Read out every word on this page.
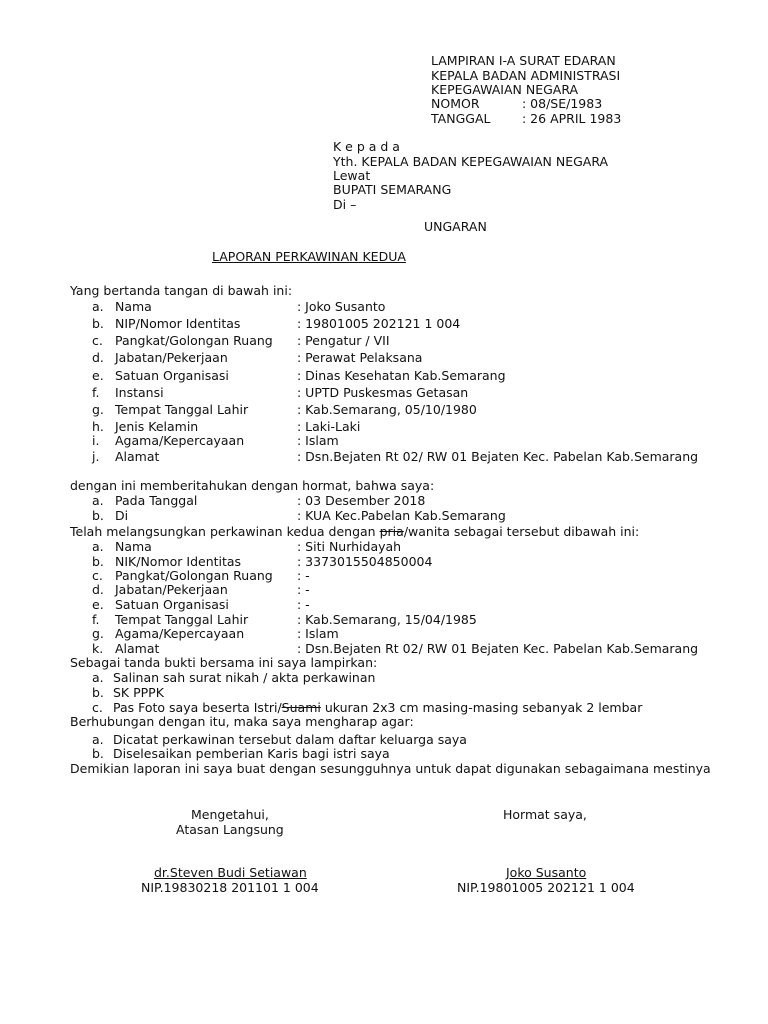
LAMPIRAN I-A SURAT EDARAN
KEPALA BADAN ADMINISTRASI
KEPEGAWAIAN NEGARA
NOMOR	: 08/SE/1983
TANGGAL	: 26 APRIL 1983
K e p a d a
Yth. KEPALA BADAN KEPEGAWAIAN NEGARA
Lewat
BUPATI SEMARANG
Di –
UNGARAN
LAPORAN PERKAWINAN KEDUA
Yang bertanda tangan di bawah ini:
a. Nama	: Joko Susanto
b. NIP/Nomor Identitas	: 19801005 202121 1 004
c. Pangkat/Golongan Ruang : Pengatur / VII
d. Jabatan/Pekerjaan	: Perawat Pelaksana
e. Satuan Organisasi	: Dinas Kesehatan Kab.Semarang
f. Instansi	: UPTD Puskesmas Getasan
g. Tempat Tanggal Lahir	: Kab.Semarang, 05/10/1980
h. Jenis Kelamin	: Laki-Laki
i. Agama/Kepercayaan	: Islam
j. Alamat	: Dsn.Bejaten Rt 02/ RW 01 Bejaten Kec. Pabelan Kab.Semarang
dengan ini memberitahukan dengan hormat, bahwa saya:
a. Pada Tanggal	: 03 Desember 2018
b. Di	: KUA Kec.Pabelan Kab.Semarang
Telah melangsungkan perkawinan kedua dengan pria/wanita sebagai tersebut dibawah ini:
a. Nama	: Siti Nurhidayah
b. NIK/Nomor Identitas	: 3373015504850004
c. Pangkat/Golongan Ruang : -
d. Jabatan/Pekerjaan	: -
e. Satuan Organisasi	: -
f. Tempat Tanggal Lahir	: Kab.Semarang, 15/04/1985
g. Agama/Kepercayaan	: Islam
k. Alamat	: Dsn.Bejaten Rt 02/ RW 01 Bejaten Kec. Pabelan Kab.Semarang
Sebagai tanda bukti bersama ini saya lampirkan:
a. Salinan sah surat nikah / akta perkawinan
b. SK PPPK
c. Pas Foto saya beserta Istri/Suami ukuran 2x3 cm masing-masing sebanyak 2 lembar
Berhubungan dengan itu, maka saya mengharap agar:
a. Dicatat perkawinan tersebut dalam daftar keluarga saya
b. Diselesaikan pemberian Karis bagi istri saya
Demikian laporan ini saya buat dengan sesungguhnya untuk dapat digunakan sebagaimana mestinya
Mengetahui,
Atasan Langsung
dr.Steven Budi Setiawan
NIP.19830218 201101 1 004
Hormat saya,
Joko Susanto
NIP.19801005 202121 1 004
